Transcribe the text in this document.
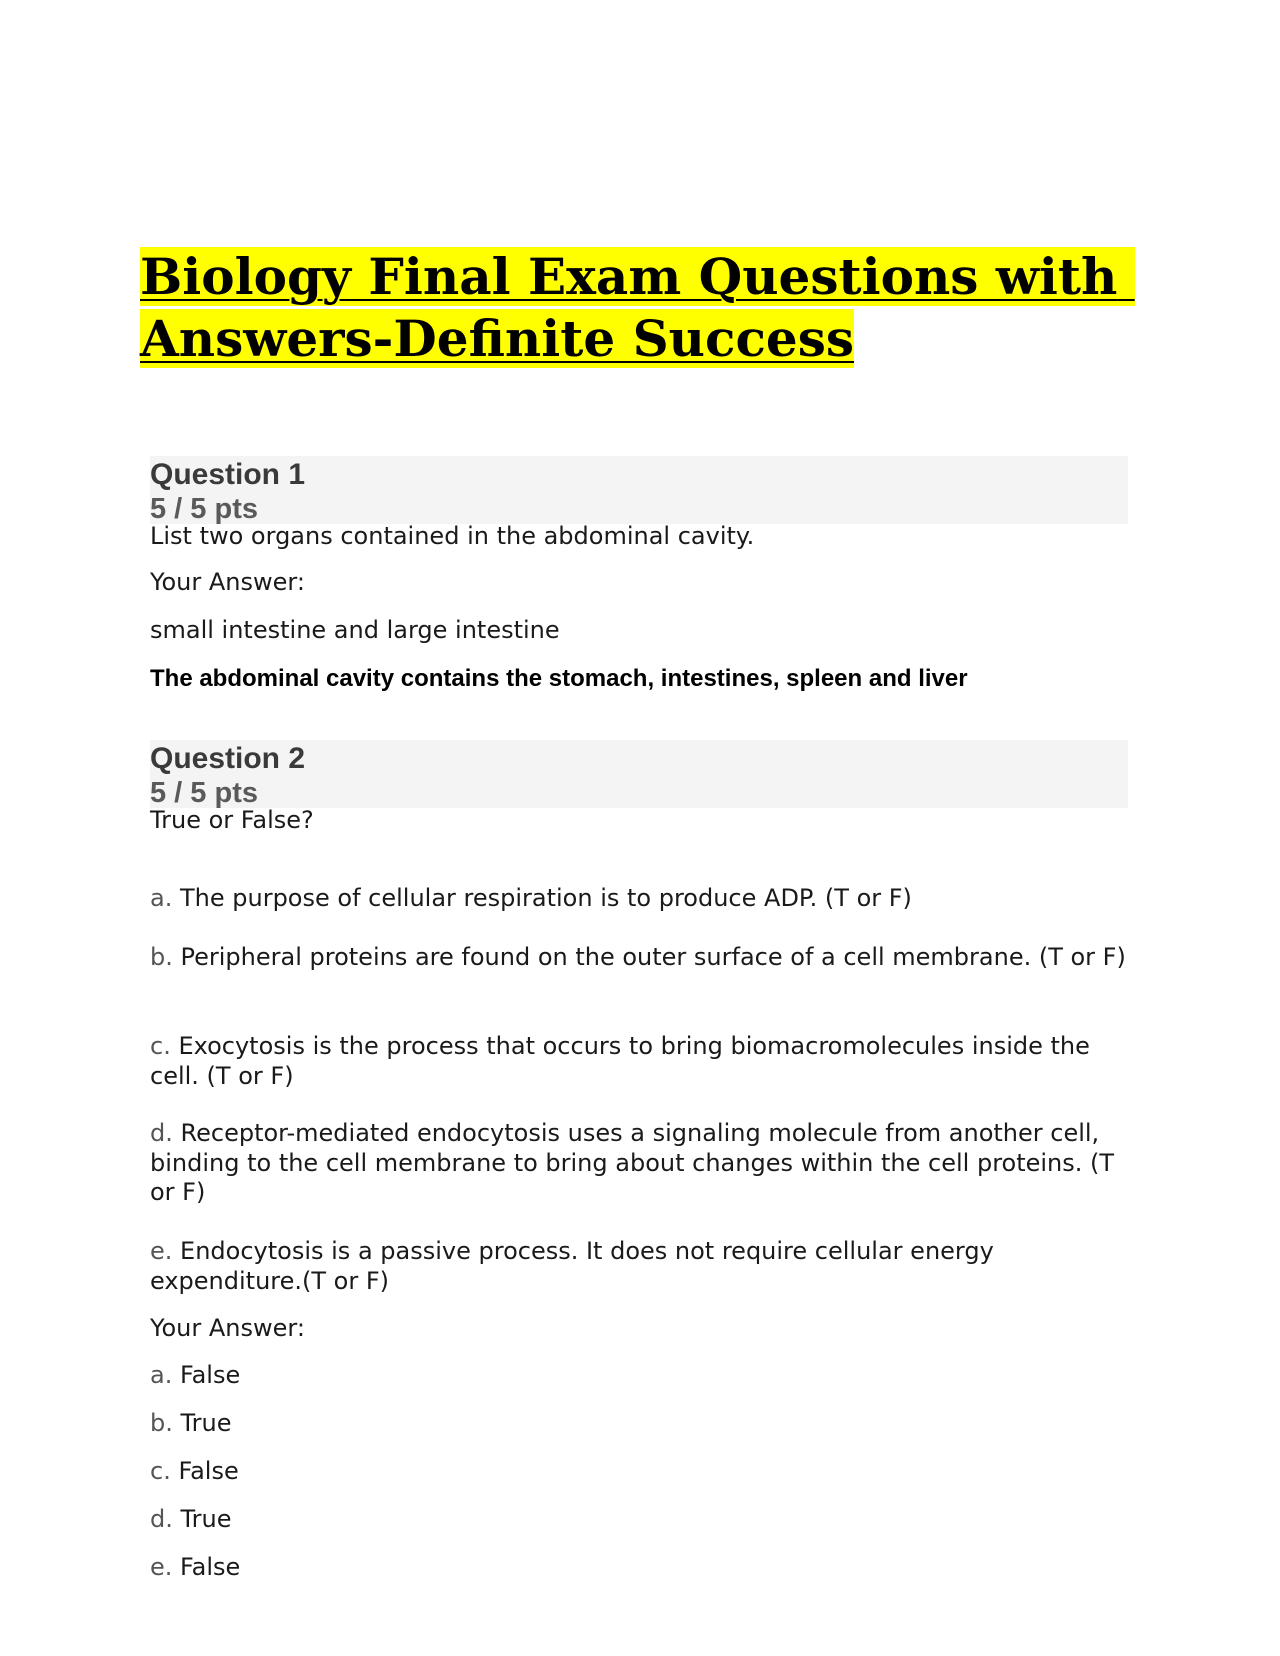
Biology Final Exam Questions with Answers-Definite Success

Question 1

5 / 5 pts

List two organs contained in the abdominal cavity.

Your Answer:

small intestine and large intestine

The abdominal cavity contains the stomach, intestines, spleen and liver

Question 2

5 / 5 pts

True or False?

a. The purpose of cellular respiration is to produce ADP. (T or F)

b. Peripheral proteins are found on the outer surface of a cell membrane. (T or F)

c. Exocytosis is the process that occurs to bring biomacromolecules inside the cell. (T or F)

d. Receptor-mediated endocytosis uses a signaling molecule from another cell, binding to the cell membrane to bring about changes within the cell proteins. (T or F)

e. Endocytosis is a passive process. It does not require cellular energy expenditure.(T or F)

Your Answer:

a. False

b. True

c. False

d. True

e. False
